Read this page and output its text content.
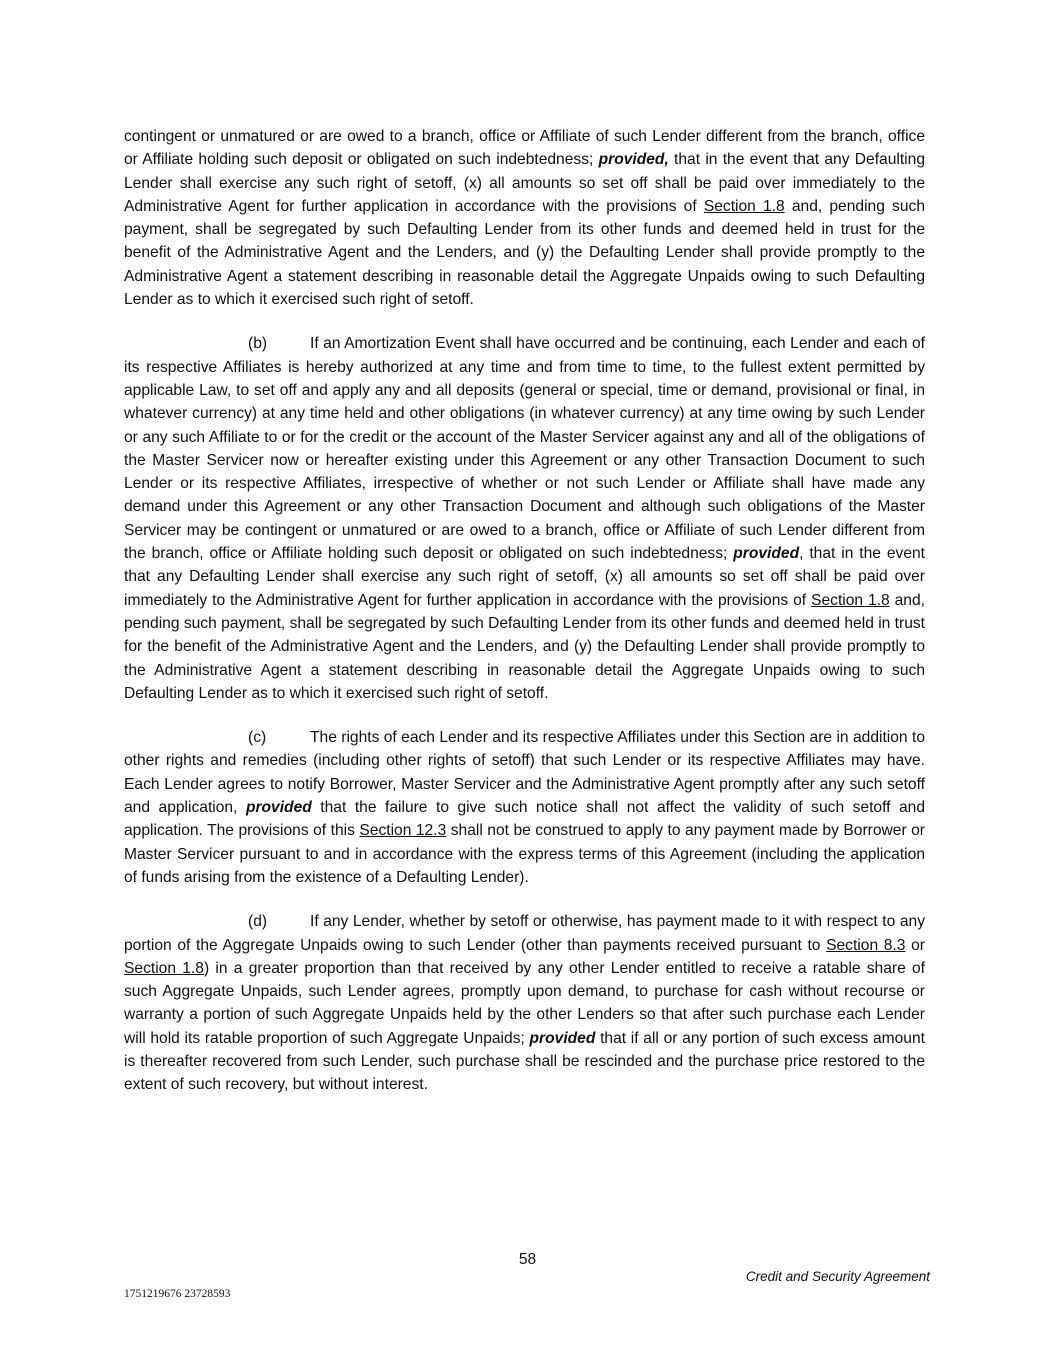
contingent or unmatured or are owed to a branch, office or Affiliate of such Lender different from the branch, office or Affiliate holding such deposit or obligated on such indebtedness; provided, that in the event that any Defaulting Lender shall exercise any such right of setoff, (x) all amounts so set off shall be paid over immediately to the Administrative Agent for further application in accordance with the provisions of Section 1.8 and, pending such payment, shall be segregated by such Defaulting Lender from its other funds and deemed held in trust for the benefit of the Administrative Agent and the Lenders, and (y) the Defaulting Lender shall provide promptly to the Administrative Agent a statement describing in reasonable detail the Aggregate Unpaids owing to such Defaulting Lender as to which it exercised such right of setoff.

(b)	If an Amortization Event shall have occurred and be continuing, each Lender and each of its respective Affiliates is hereby authorized at any time and from time to time, to the fullest extent permitted by applicable Law, to set off and apply any and all deposits (general or special, time or demand, provisional or final, in whatever currency) at any time held and other obligations (in whatever currency) at any time owing by such Lender or any such Affiliate to or for the credit or the account of the Master Servicer against any and all of the obligations of the Master Servicer now or hereafter existing under this Agreement or any other Transaction Document to such Lender or its respective Affiliates, irrespective of whether or not such Lender or Affiliate shall have made any demand under this Agreement or any other Transaction Document and although such obligations of the Master Servicer may be contingent or unmatured or are owed to a branch, office or Affiliate of such Lender different from the branch, office or Affiliate holding such deposit or obligated on such indebtedness; provided, that in the event that any Defaulting Lender shall exercise any such right of setoff, (x) all amounts so set off shall be paid over immediately to the Administrative Agent for further application in accordance with the provisions of Section 1.8 and, pending such payment, shall be segregated by such Defaulting Lender from its other funds and deemed held in trust for the benefit of the Administrative Agent and the Lenders, and (y) the Defaulting Lender shall provide promptly to the Administrative Agent a statement describing in reasonable detail the Aggregate Unpaids owing to such Defaulting Lender as to which it exercised such right of setoff.

(c)	The rights of each Lender and its respective Affiliates under this Section are in addition to other rights and remedies (including other rights of setoff) that such Lender or its respective Affiliates may have. Each Lender agrees to notify Borrower, Master Servicer and the Administrative Agent promptly after any such setoff and application, provided that the failure to give such notice shall not affect the validity of such setoff and application. The provisions of this Section 12.3 shall not be construed to apply to any payment made by Borrower or Master Servicer pursuant to and in accordance with the express terms of this Agreement (including the application of funds arising from the existence of a Defaulting Lender).

(d)	If any Lender, whether by setoff or otherwise, has payment made to it with respect to any portion of the Aggregate Unpaids owing to such Lender (other than payments received pursuant to Section 8.3 or Section 1.8) in a greater proportion than that received by any other Lender entitled to receive a ratable share of such Aggregate Unpaids, such Lender agrees, promptly upon demand, to purchase for cash without recourse or warranty a portion of such Aggregate Unpaids held by the other Lenders so that after such purchase each Lender will hold its ratable proportion of such Aggregate Unpaids; provided that if all or any portion of such excess amount is thereafter recovered from such Lender, such purchase shall be rescinded and the purchase price restored to the extent of such recovery, but without interest.

58
Credit and Security Agreement
1751219676 23728593
